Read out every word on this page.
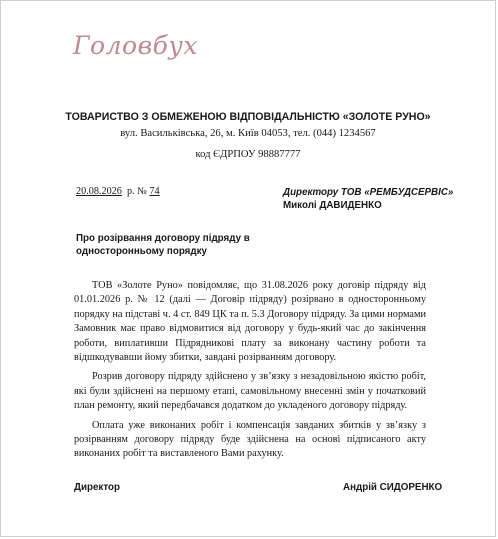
Головбух
ТОВАРИСТВО З ОБМЕЖЕНОЮ ВІДПОВІДАЛЬНІСТЮ «ЗОЛОТЕ РУНО»
вул. Васильківська, 26, м. Київ 04053, тел. (044) 1234567
код ЄДРПОУ 98887777
20.08.2026 р. № 74	Директору ТОВ «РЕМБУДСЕРВІС»
Миколі ДАВИДЕНКО
Про розірвання договору підряду в односторонньому порядку

ТОВ «Золоте Руно» повідомляє, що 31.08.2026 року договір підряду від 01.01.2026 р. № 12 (далі — Договір підряду) розірвано в односторонньому порядку на підставі ч. 4 ст. 849 ЦК та п. 5.3 Договору підряду. За цими нормами Замовник має право відмовитися від договору у будь-який час до закінчення роботи, виплативши Підрядникові плату за виконану частину роботи та відшкодувавши йому збитки, завдані розірванням договору.

Розрив договору підряду здійснено у зв’язку з незадовільною якістю робіт, які були здійснені на першому етапі, самовільному внесенні змін у початковий план ремонту, який передбачався додатком до укладеного договору підряду.

Оплата уже виконаних робіт і компенсація завданих збитків у зв’язку з розірванням договору підряду буде здійснена на основі підписаного акту виконаних робіт та виставленого Вами рахунку.

Директор	Андрій СИДОРЕНКО
